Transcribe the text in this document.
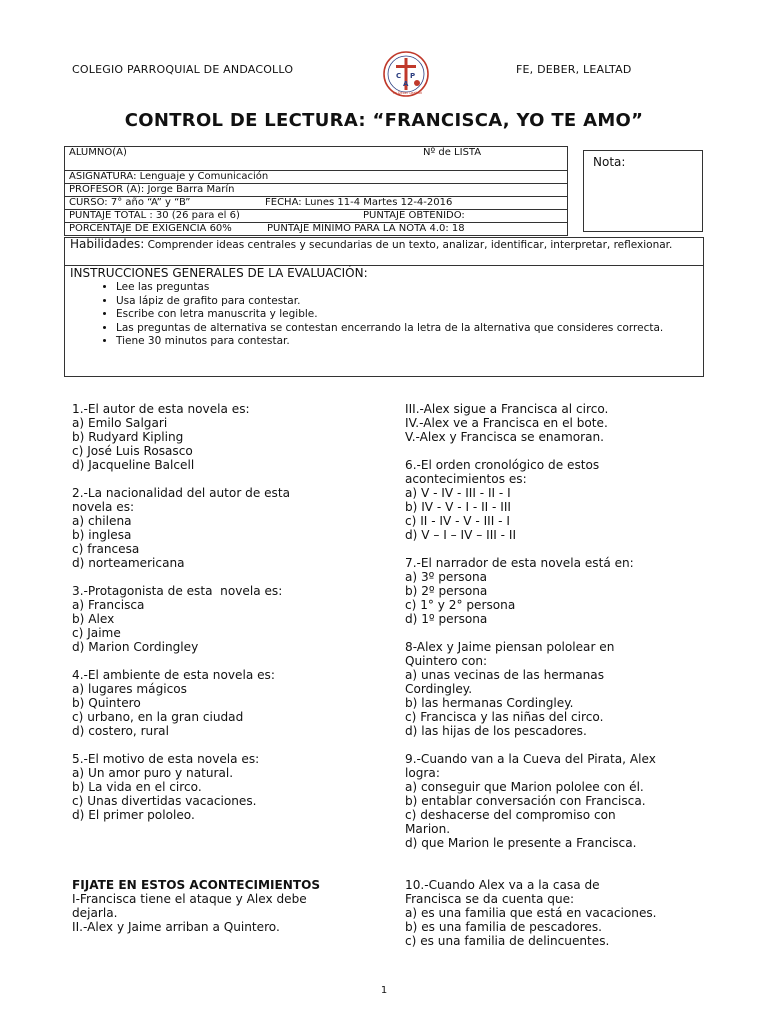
COLEGIO PARROQUIAL DE ANDACOLLO	FE, DEBER, LEALTAD
C P
A
Fe Deber Lealtad
CONTROL DE LECTURA: “FRANCISCA, YO TE AMO”
ALUMNO(A)	Nº de LISTA
ASIGNATURA: Lenguaje y Comunicación
PROFESOR (A): Jorge Barra Marín
CURSO: 7° año “A” y “B”	FECHA: Lunes 11-4 Martes 12-4-2016
PUNTAJE TOTAL : 30 (26 para el 6)	PUNTAJE OBTENIDO:
PORCENTAJE DE EXIGENCIA 60%	PUNTAJE MINIMO PARA LA NOTA 4.0: 18
Nota:
Habilidades: Comprender ideas centrales y secundarias de un texto, analizar, identificar, interpretar, reflexionar.
INSTRUCCIONES GENERALES DE LA EVALUACIÓN:
• Lee las preguntas
• Usa lápiz de grafito para contestar.
• Escribe con letra manuscrita y legible.
• Las preguntas de alternativa se contestan encerrando la letra de la alternativa que consideres correcta.
• Tiene 30 minutos para contestar.

1.-El autor de esta novela es:

a) Emilo Salgari

b) Rudyard Kipling

c) José Luis Rosasco

d) Jacqueline Balcell

2.-La nacionalidad del autor de esta

novela es:

a) chilena

b) inglesa

c) francesa

d) norteamericana

3.-Protagonista de esta  novela es:

a) Francisca

b) Alex

c) Jaime

d) Marion Cordingley

4.-El ambiente de esta novela es:

a) lugares mágicos

b) Quintero

c) urbano, en la gran ciudad

d) costero, rural

5.-El motivo de esta novela es:

a) Un amor puro y natural.

b) La vida en el circo.

c) Unas divertidas vacaciones.

d) El primer pololeo.

FIJATE EN ESTOS ACONTECIMIENTOS

I-Francisca tiene el ataque y Alex debe

dejarla.

II.-Alex y Jaime arriban a Quintero.

III.-Alex sigue a Francisca al circo.

IV.-Alex ve a Francisca en el bote.

V.-Alex y Francisca se enamoran.

6.-El orden cronológico de estos

acontecimientos es:

a) V - IV - III - II - I

b) IV - V - I - II - III

c) II - IV - V - III - I

d) V – I – IV – III - II

7.-El narrador de esta novela está en:

a) 3º persona

b) 2º persona

c) 1° y 2° persona

d) 1º persona

8-Alex y Jaime piensan pololear en

Quintero con:

a) unas vecinas de las hermanas

Cordingley.

b) las hermanas Cordingley.

c) Francisca y las niñas del circo.

d) las hijas de los pescadores.

9.-Cuando van a la Cueva del Pirata, Alex

logra:

a) conseguir que Marion pololee con él.

b) entablar conversación con Francisca.

c) deshacerse del compromiso con

Marion.

d) que Marion le presente a Francisca.

10.-Cuando Alex va a la casa de

Francisca se da cuenta que:

a) es una familia que está en vacaciones.

b) es una familia de pescadores.

c) es una familia de delincuentes.

1
